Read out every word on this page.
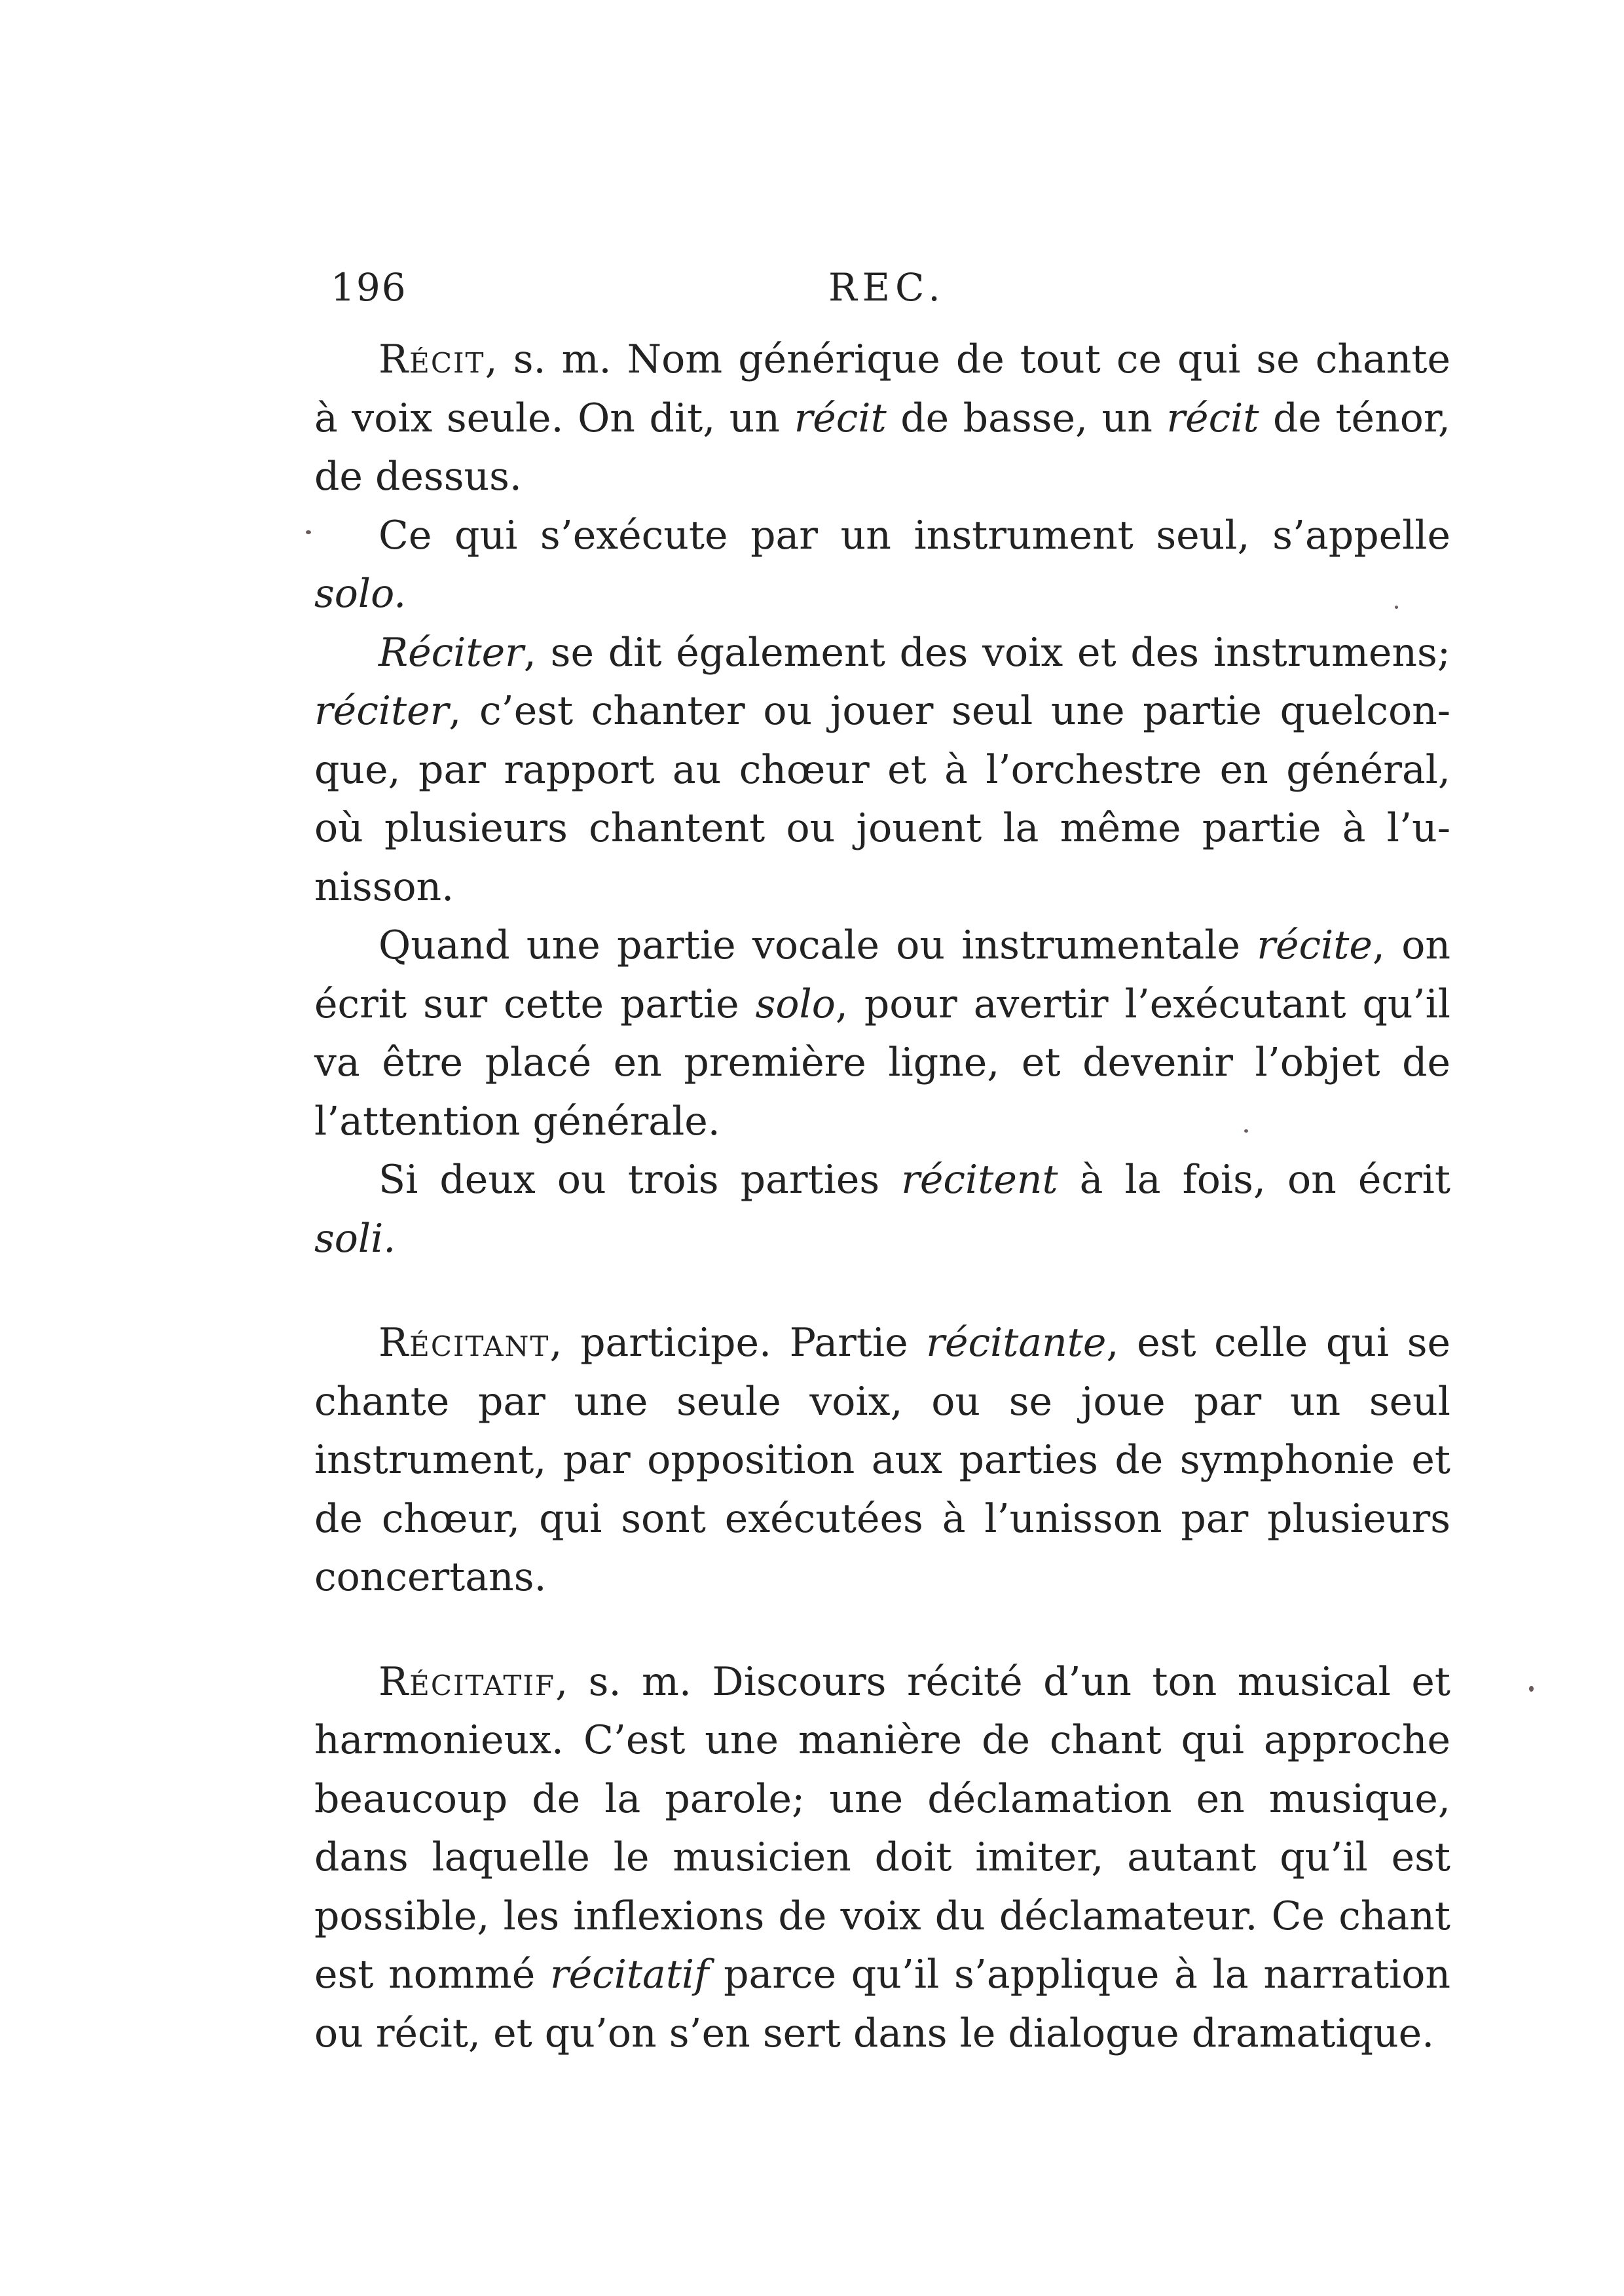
196	REC.

Récit, s. m. Nom générique de tout ce qui se chante à voix seule. On dit, un récit de basse, un récit de ténor, de dessus.

Ce qui s’exécute par un instrument seul, s’appelle solo.

Réciter, se dit également des voix et des instrumens; réciter, c’est chanter ou jouer seul une partie quelconque, par rapport au chœur et à l’orchestre en général, où plusieurs chantent ou jouent la même partie à l’unisson.

Quand une partie vocale ou instrumentale récite, on écrit sur cette partie solo, pour avertir l’exécutant qu’il va être placé en première ligne, et devenir l’objet de l’attention générale.

Si deux ou trois parties récitent à la fois, on écrit soli.

Récitant, participe. Partie récitante, est celle qui se chante par une seule voix, ou se joue par un seul instrument, par opposition aux parties de symphonie et de chœur, qui sont exécutées à l’unisson par plusieurs concertans.

Récitatif, s. m. Discours récité d’un ton musical et harmonieux. C’est une manière de chant qui approche beaucoup de la parole; une déclamation en musique, dans laquelle le musicien doit imiter, autant qu’il est possible, les inflexions de voix du déclamateur. Ce chant est nommé récitatif parce qu’il s’applique à la narration ou récit, et qu’on s’en sert dans le dialogue dramatique.
